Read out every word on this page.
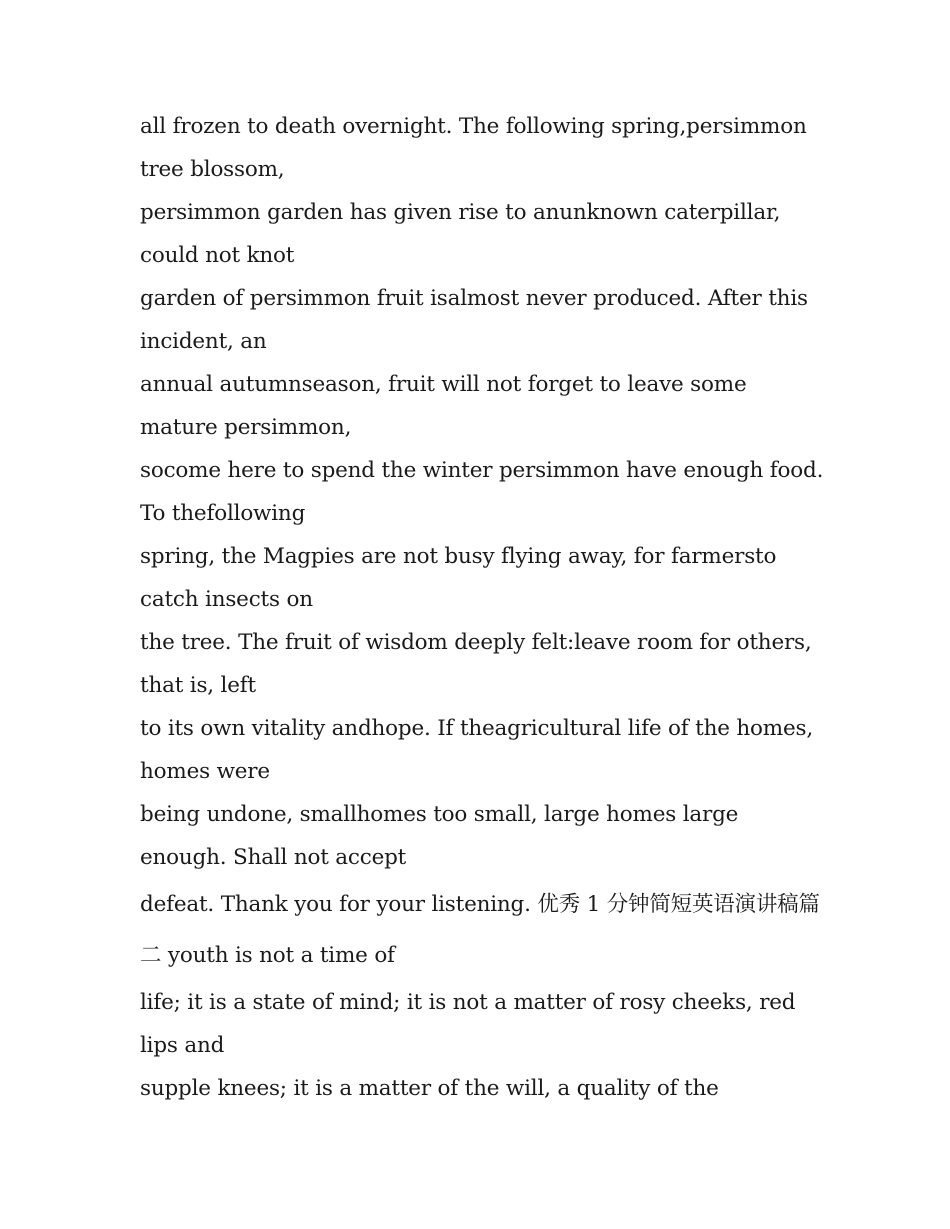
all frozen to death overnight. The following spring,persimmon tree blossom,

persimmon garden has given rise to anunknown caterpillar, could not knot

garden of persimmon fruit isalmost never produced. After this incident, an

annual autumnseason, fruit will not forget to leave some mature persimmon,

socome here to spend the winter persimmon have enough food. To thefollowing

spring, the Magpies are not busy flying away, for farmersto catch insects on

the tree. The fruit of wisdom deeply felt:leave room for others, that is, left

to its own vitality andhope. If theagricultural life of the homes, homes were

being undone, smallhomes too small, large homes large enough. Shall not accept

defeat. Thank you for your listening. 优秀 1 分钟简短英语演讲稿篇二 youth is not a time of

life; it is a state of mind; it is not a matter of rosy cheeks, red lips and

supple knees; it is a matter of the will, a quality of the
